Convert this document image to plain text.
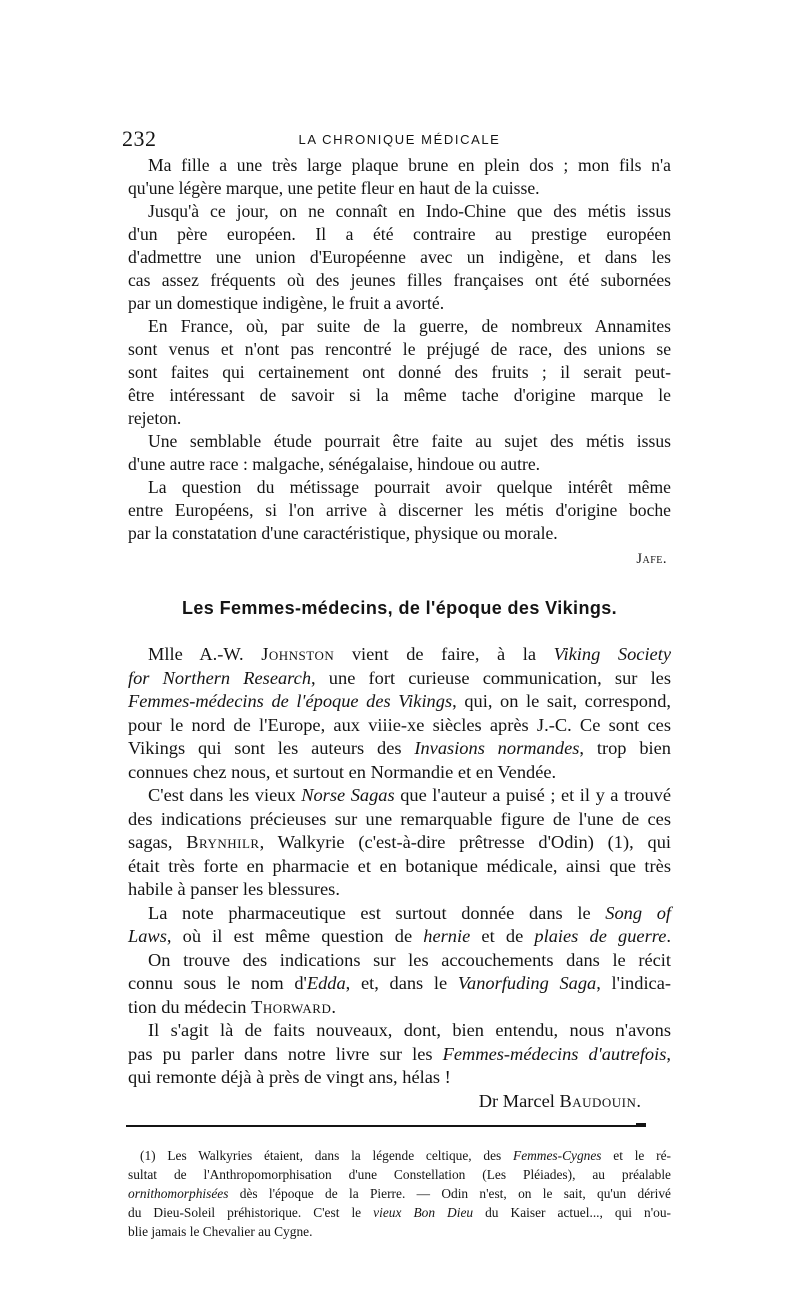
232	LA CHRONIQUE MÉDICALE

Ma fille a une très large plaque brune en plein dos ; mon fils n'a
qu'une légère marque, une petite fleur en haut de la cuisse.

Jusqu'à ce jour, on ne connaît en Indo-Chine que des métis issus
d'un père européen. Il a été contraire au prestige européen
d'admettre une union d'Européenne avec un indigène, et dans les
cas assez fréquents où des jeunes filles françaises ont été subornées
par un domestique indigène, le fruit a avorté.

En France, où, par suite de la guerre, de nombreux Annamites
sont venus et n'ont pas rencontré le préjugé de race, des unions se
sont faites qui certainement ont donné des fruits ; il serait peut-
être intéressant de savoir si la même tache d'origine marque le
rejeton.

Une semblable étude pourrait être faite au sujet des métis issus
d'une autre race : malgache, sénégalaise, hindoue ou autre.

La question du métissage pourrait avoir quelque intérêt même
entre Européens, si l'on arrive à discerner les métis d'origine boche
par la constatation d'une caractéristique, physique ou morale.

Jafe.
Les Femmes-médecins, de l'époque des Vikings.

Mlle A.-W. Johnston vient de faire, à la Viking Society
for Northern Research, une fort curieuse communication, sur les
Femmes-médecins de l'époque des Vikings, qui, on le sait, correspond,
pour le nord de l'Europe, aux viiie-xe siècles après J.-C. Ce sont ces
Vikings qui sont les auteurs des Invasions normandes, trop bien
connues chez nous, et surtout en Normandie et en Vendée.

C'est dans les vieux Norse Sagas que l'auteur a puisé ; et il y a trouvé
des indications précieuses sur une remarquable figure de l'une de ces
sagas, Brynhilr, Walkyrie (c'est-à-dire prêtresse d'Odin) (1), qui
était très forte en pharmacie et en botanique médicale, ainsi que très
habile à panser les blessures.

La note pharmaceutique est surtout donnée dans le Song of
Laws, où il est même question de hernie et de plaies de guerre.

On trouve des indications sur les accouchements dans le récit
connu sous le nom d'Edda, et, dans le Vanorfuding Saga, l'indica-
tion du médecin Thorward.

Il s'agit là de faits nouveaux, dont, bien entendu, nous n'avons
pas pu parler dans notre livre sur les Femmes-médecins d'autrefois,
qui remonte déjà à près de vingt ans, hélas !

Dr Marcel Baudouin.

(1) Les Walkyries étaient, dans la légende celtique, des Femmes-Cygnes et le ré-
sultat de l'Anthropomorphisation d'une Constellation (Les Pléiades), au préalable
ornithomorphisées dès l'époque de la Pierre. — Odin n'est, on le sait, qu'un dérivé
du Dieu-Soleil préhistorique. C'est le vieux Bon Dieu du Kaiser actuel..., qui n'ou-
blie jamais le Chevalier au Cygne.
